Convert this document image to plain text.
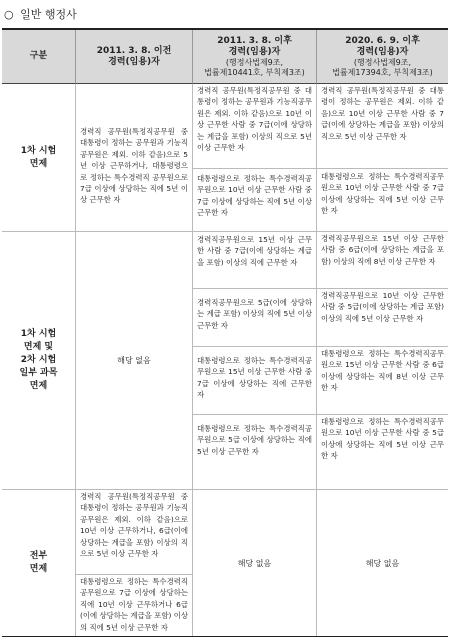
○ 일반 행정사
구분
2011. 3. 8. 이전
경력(임용)자
2011. 3. 8. 이후
경력(임용)자
(행정사법제9조,
법률제10441호, 부칙제3조)
2020. 6. 9. 이후
경력(임용)자
(행정사법제9조,
법률제17394호, 부칙제3조)
1차 시험
면제
경력직 공무원(특정직공무원 중 대통령이 정하는 공무원과 기능직공무원은 제외. 이하 같음)으로 5년 이상 근무하거나, 대통령령으로 정하는 특수경력직 공무원으로 7급 이상에 상당하는 직에 5년 이상 근무한 자
경력직 공무원(특정직공무원 중 대통령이 정하는 공무원과 기능직공무원은 제외. 이하 같음)으로 10년 이상 근무한 사람 중 7급(이에 상당하는 계급을 포함) 이상의 직으로 5년 이상 근무한 자
대통령령으로 정하는 특수경력직공무원으로 10년 이상 근무한 사람 중 7급 이상에 상당하는 직에 5년 이상 근무한 자
경력직 공무원(특정직공무원 중 대통령이 정하는 공무원은 제외. 이하 같음)으로 10년 이상 근무한 사람 중 7급(이에 상당하는 계급을 포함) 이상의 직으로 5년 이상 근무한 자
대통령령으로 정하는 특수경력직공무원으로 10년 이상 근무한 사람 중 7급 이상에 상당하는 직에 5년 이상 근무한 자
1차 시험
면제 및
2차 시험
일부 과목
면제
해당 없음
경력직공무원으로 15년 이상 근무한 사람 중 7급(이에 상당하는 계급을 포함) 이상의 직에 근무한 자
경력직공무원으로 5급(이에 상당하는 계급 포함) 이상의 직에 5년 이상 근무한 자
대통령령으로 정하는 특수경력직공무원으로 15년 이상 근무한 사람 중 7급 이상에 상당하는 직에 근무한 자
대통령령으로 정하는 특수경력직공무원으로 5급 이상에 상당하는 직에 5년 이상 근무한 자
경력직공무원으로 15년 이상 근무한 사람 중 6급(이에 상당하는 계급을 포함) 이상의 직에 8년 이상 근무한 자
경력직공무원으로 10년 이상 근무한 사람 중 5급(이에 상당하는 계급 포함) 이상의 직에 5년 이상 근무한 자
대통령령으로 정하는 특수경력직공무원으로 15년 이상 근무한 사람 중 6급 이상에 상당하는 직에 8년 이상 근무한 자
대통령령으로 정하는 특수경력직공무원으로 10년 이상 근무한 사람 중 5급 이상에 상당하는 직에 5년 이상 근무한 자
전부
면제
경력직 공무원(특정직공무원 중 대통령이 정하는 공무원과 기능직 공무원은 제외. 이하 같음)으로 10년 이상 근무하거나, 6급(이에 상당하는 계급을 포함) 이상의 직으로 5년 이상 근무한 자
대통령령으로 정하는 특수경력직공무원으로 7급 이상에 상당하는 직에 10년 이상 근무하거나 6급(이에 상당하는 계급을 포함) 이상의 직에 5년 이상 근무한 자
해당 없음	해당 없음
